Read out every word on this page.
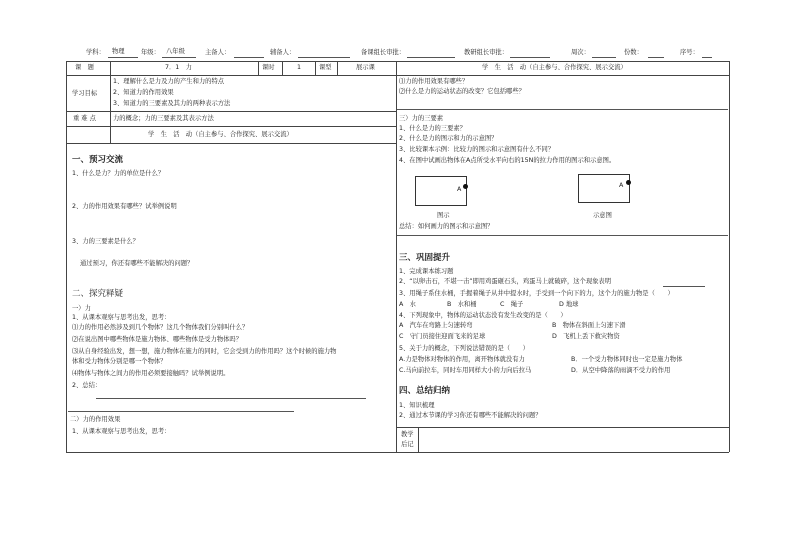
学科： 物理	年级： 八年级	主备人：	辅备人：	备课组长审批：	教研组长审批：	周次：	份数：	序号：
课　题	7．1　力	课时	1	课型	展示课
学习目标
1、理解什么是力及力的产生和力的特点
2、知道力的作用效果
3、知道力的三要素及其力的两种表示方法
重 难 点	力的概念；力的三要素及其表示方法
学　生　活　动（自主参与、合作探究、展示交流）
一、预习交流
1、什么是力？力的单位是什么？
2、力的作用效果有哪些？试举例说明
3、力的三要素是什么？
通过预习，你还有哪些不能解决的问题？
二、探究释疑
一）力
1、从课本观察与思考出发，思考：
⑴力的作用必然涉及到几个物体？这几个物体我们分别叫什么？
⑵在说出图中哪些物体是施力物体、哪些物体是受力物体吗？
⑶从自身经验出发，想一想，施力物体在施力的同时，它会受到力的作用吗？这个时候的施力物
体和受力物体分别是哪一个物体？
⑷物体与物体之间力的作用必须要接触吗？试举例说明。
2、总结：
二）力的作用效果
1、从课本观察与思考出发，思考：
学　生　活　动（自主参与、合作探究、展示交流）
⑴力的作用效果有哪些？
⑵什么是力的运动状态的改变？它包括哪些？
三）力的三要素
1、什么是力的三要素？
2、什么是力的图示和力的示意图？
3、比较课本示例：比较力的图示和示意图有什么不同？
4、在图中试画出物体在A点所受水平向右的15N的拉力作用的图示和示意图。
A
A
图示	示意图
总结：如何画力的图示和示意图？
三、巩固提升
1、完成课本练习题
2、“以卵击石，不堪一击”即用鸡蛋砸石头，鸡蛋马上就破碎，这个现象表明
3、用绳子系住水桶，手握着绳子从井中提水时，手受到一个向下的力，这个力的施力物是（　　）
A　水	B　水和桶	C　绳子	D 地球
4、下列现象中，物体的运动状态没有发生改变的是（　　）
A　汽车在弯路上匀速转弯	B　物体在斜面上匀速下滑
C　守门员接住迎面飞来的足球	D　飞机上丢下救灾物资
5、关于力的概念，下列说法错误的是（　　）
A.力是物体对物体的作用，离开物体就没有力	B．一个受力物体同时也一定是施力物体
C.马向前拉车，同时车用同样大小的力向后拉马	D．从空中降落的雨滴不受力的作用
四、总结归纳
1、知识梳理
2、通过本节课的学习你还有哪些不能解决的问题？
教学
后记
